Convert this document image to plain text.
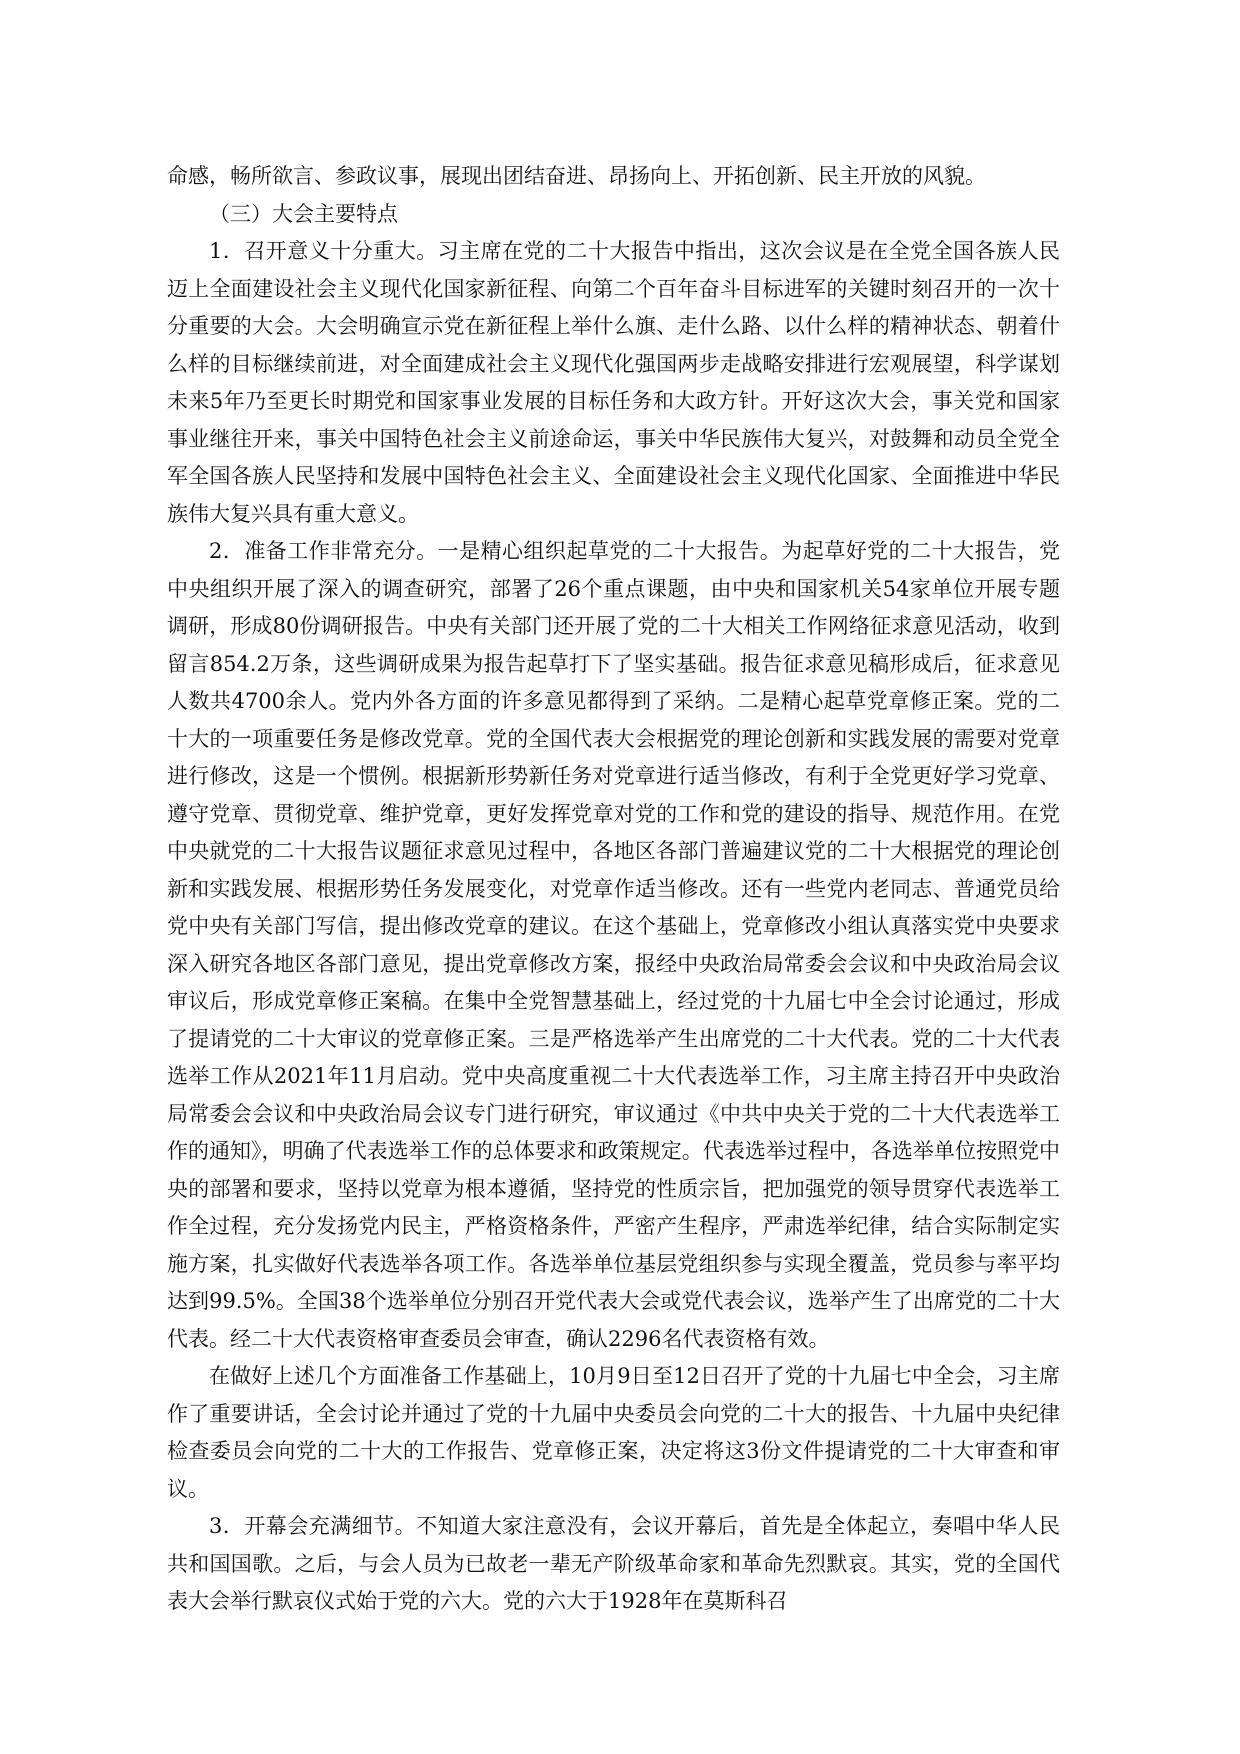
命感，畅所欲言、参政议事，展现出团结奋进、昂扬向上、开拓创新、民主开放的风貌。

（三）大会主要特点

1．召开意义十分重大。习主席在党的二十大报告中指出，这次会议是在全党全国各族人民迈上全面建设社会主义现代化国家新征程、向第二个百年奋斗目标进军的关键时刻召开的一次十分重要的大会。大会明确宣示党在新征程上举什么旗、走什么路、以什么样的精神状态、朝着什么样的目标继续前进，对全面建成社会主义现代化强国两步走战略安排进行宏观展望，科学谋划未来5年乃至更长时期党和国家事业发展的目标任务和大政方针。开好这次大会，事关党和国家事业继往开来，事关中国特色社会主义前途命运，事关中华民族伟大复兴，对鼓舞和动员全党全军全国各族人民坚持和发展中国特色社会主义、全面建设社会主义现代化国家、全面推进中华民族伟大复兴具有重大意义。

2．准备工作非常充分。一是精心组织起草党的二十大报告。为起草好党的二十大报告，党中央组织开展了深入的调查研究，部署了26个重点课题，由中央和国家机关54家单位开展专题调研，形成80份调研报告。中央有关部门还开展了党的二十大相关工作网络征求意见活动，收到留言854.2万条，这些调研成果为报告起草打下了坚实基础。报告征求意见稿形成后，征求意见人数共4700余人。党内外各方面的许多意见都得到了采纳。二是精心起草党章修正案。党的二十大的一项重要任务是修改党章。党的全国代表大会根据党的理论创新和实践发展的需要对党章进行修改，这是一个惯例。根据新形势新任务对党章进行适当修改，有利于全党更好学习党章、遵守党章、贯彻党章、维护党章，更好发挥党章对党的工作和党的建设的指导、规范作用。在党中央就党的二十大报告议题征求意见过程中，各地区各部门普遍建议党的二十大根据党的理论创新和实践发展、根据形势任务发展变化，对党章作适当修改。还有一些党内老同志、普通党员给党中央有关部门写信，提出修改党章的建议。在这个基础上，党章修改小组认真落实党中央要求深入研究各地区各部门意见，提出党章修改方案，报经中央政治局常委会会议和中央政治局会议审议后，形成党章修正案稿。在集中全党智慧基础上，经过党的十九届七中全会讨论通过，形成了提请党的二十大审议的党章修正案。三是严格选举产生出席党的二十大代表。党的二十大代表选举工作从2021年11月启动。党中央高度重视二十大代表选举工作，习主席主持召开中央政治局常委会会议和中央政治局会议专门进行研究，审议通过《中共中央关于党的二十大代表选举工作的通知》，明确了代表选举工作的总体要求和政策规定。代表选举过程中，各选举单位按照党中央的部署和要求，坚持以党章为根本遵循，坚持党的性质宗旨，把加强党的领导贯穿代表选举工作全过程，充分发扬党内民主，严格资格条件，严密产生程序，严肃选举纪律，结合实际制定实施方案，扎实做好代表选举各项工作。各选举单位基层党组织参与实现全覆盖，党员参与率平均达到99.5%。全国38个选举单位分别召开党代表大会或党代表会议，选举产生了出席党的二十大代表。经二十大代表资格审查委员会审查，确认2296名代表资格有效。

在做好上述几个方面准备工作基础上，10月9日至12日召开了党的十九届七中全会，习主席作了重要讲话，全会讨论并通过了党的十九届中央委员会向党的二十大的报告、十九届中央纪律检查委员会向党的二十大的工作报告、党章修正案，决定将这3份文件提请党的二十大审查和审议。

3．开幕会充满细节。不知道大家注意没有，会议开幕后，首先是全体起立，奏唱中华人民共和国国歌。之后，与会人员为已故老一辈无产阶级革命家和革命先烈默哀。其实，党的全国代表大会举行默哀仪式始于党的六大。党的六大于1928年在莫斯科召
